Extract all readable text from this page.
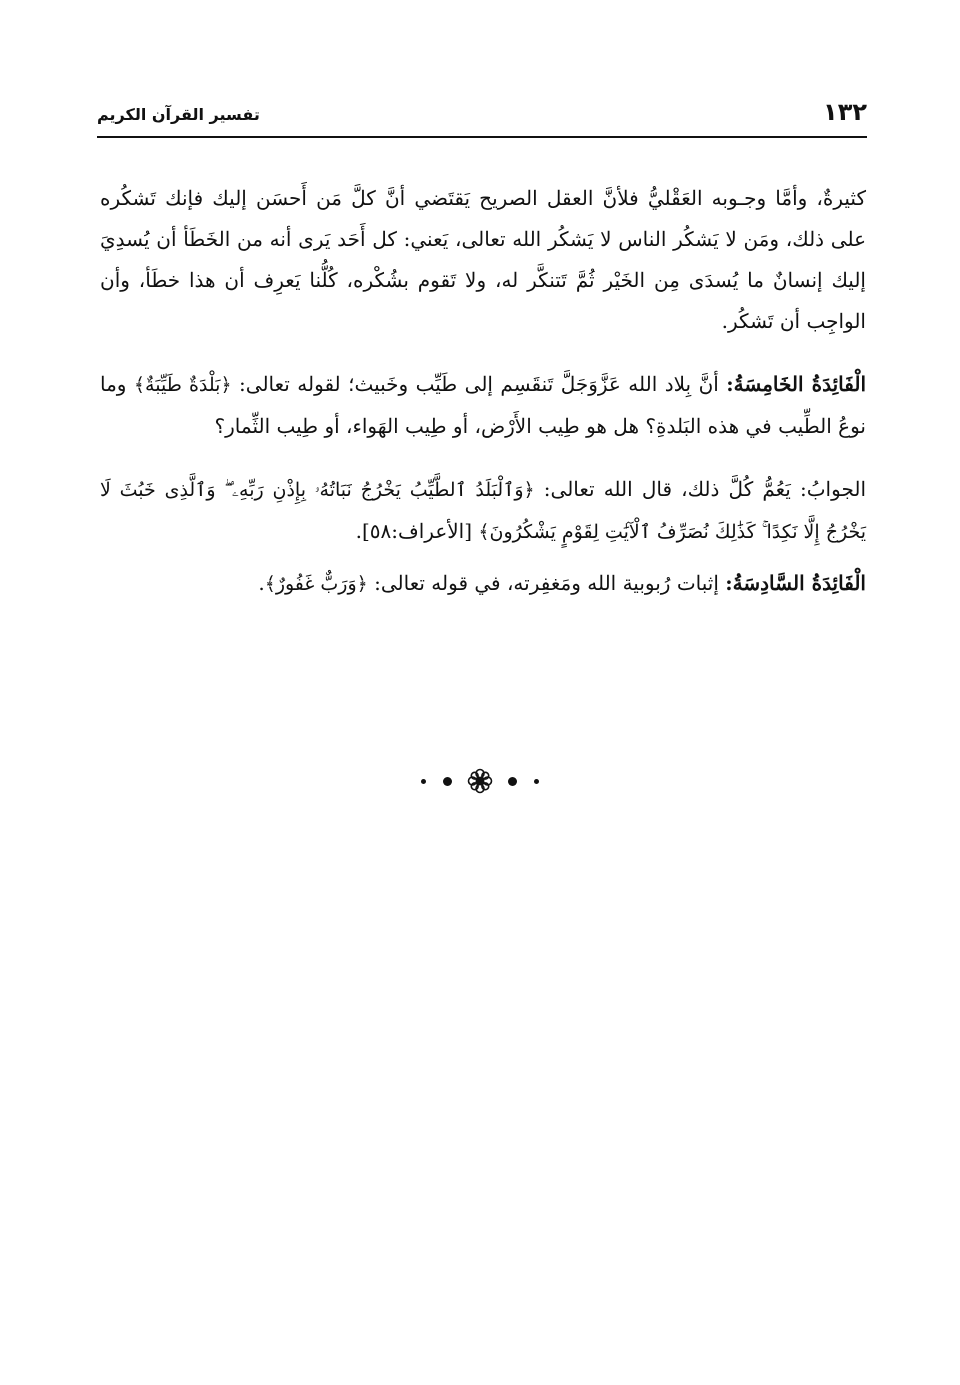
١٣٢
تفسير القرآن الكريم

كثيرةٌ، وأمَّا وجـوبه العَقْليُّ فلأنَّ العقل الصريح يَقتَضي أنَّ كلَّ مَن أَحسَن إليك فإنك تَشكُره على ذلك، ومَن لا يَشكُر الناس لا يَشكُر الله تعالى، يَعني: كل أَحَد يَرى أنه من الخَطَأ أن يُسدِيَ إليك إنسانٌ ما يُسدَى مِن الخَيْر ثُمَّ تَتنكَّر له، ولا تَقوم بشُكْره، كُلُّنا يَعرِف أن هذا خطَأ، وأن الواجِب أن تَشكُر.

الْفَائِدَةُ الخَامِسَةُ: أنَّ بِلاد الله عَزَّوَجَلَّ تَنقَسِم إلى طَيِّب وخَبيث؛ لقوله تعالى: ﴿بَلْدَةٌ طَيِّبَةٌ﴾ وما نوعُ الطِّيب في هذه البَلدةِ؟ هل هو طِيب الأَرْض، أو طِيب الهَواء، أو طِيب الثِّمار؟

الجوابُ: يَعُمُّ كُلَّ ذلك، قال الله تعالى: ﴿وَٱلْبَلَدُ ٱلطَّيِّبُ يَخْرُجُ نَبَاتُهُۥ بِإِذْنِ رَبِّهِۦ ۖ وَٱلَّذِى خَبُثَ لَا يَخْرُجُ إِلَّا نَكِدًا ۚ كَذَٰلِكَ نُصَرِّفُ ٱلْآيَٰتِ لِقَوْمٍ يَشْكُرُونَ﴾ [الأعراف:٥٨].

الْفَائِدَةُ السَّادِسَةُ: إثبات رُبوبية الله ومَغفِرته، في قوله تعالى: ﴿وَرَبٌّ غَفُورٌ﴾.
